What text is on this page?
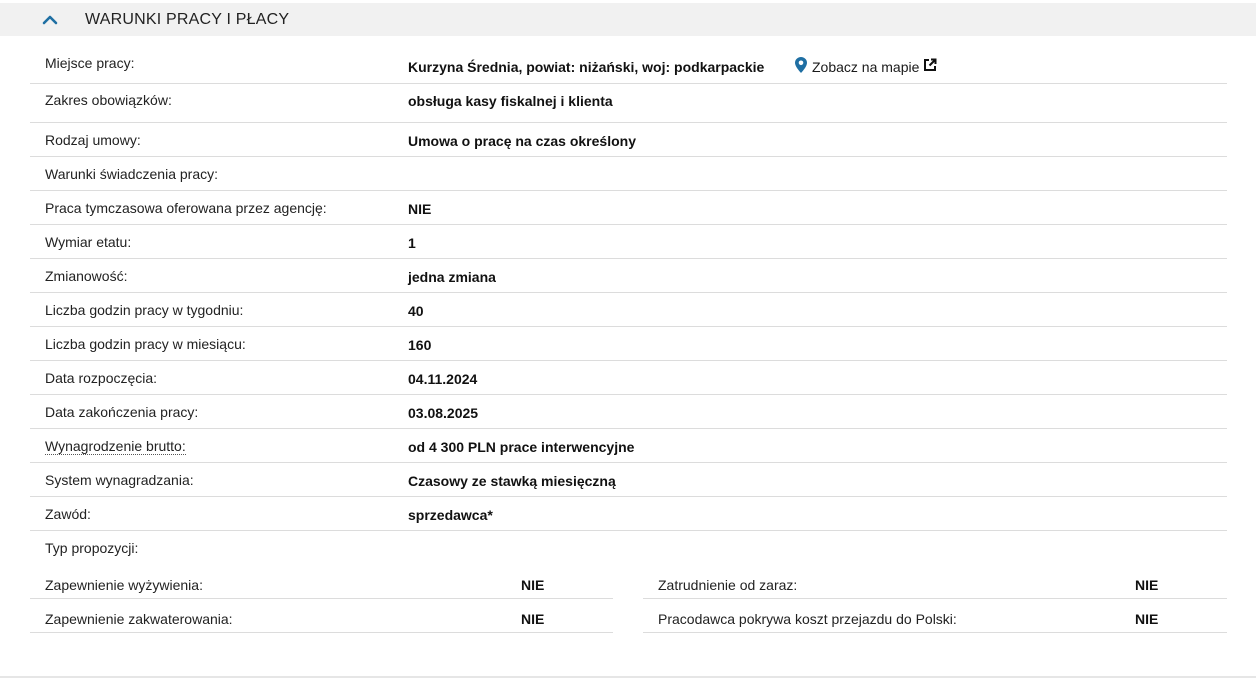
WARUNKI PRACY I PŁACY
Miejsce pracy:	Kurzyna Średnia, powiat: niżański, woj: podkarpackie	Zobacz na mapie
Zakres obowiązków:	obsługa kasy fiskalnej i klienta
Rodzaj umowy:	Umowa o pracę na czas określony
Warunki świadczenia pracy:
Praca tymczasowa oferowana przez agencję:	NIE
Wymiar etatu:	1
Zmianowość:	jedna zmiana
Liczba godzin pracy w tygodniu:	40
Liczba godzin pracy w miesiącu:	160
Data rozpoczęcia:	04.11.2024
Data zakończenia pracy:	03.08.2025
Wynagrodzenie brutto:	od 4 300 PLN prace interwencyjne
System wynagradzania:	Czasowy ze stawką miesięczną
Zawód:	sprzedawca*
Typ propozycji:
Zapewnienie wyżywienia:	NIE
Zapewnienie zakwaterowania:	NIE
Zatrudnienie od zaraz:	NIE
Pracodawca pokrywa koszt przejazdu do Polski:	NIE
